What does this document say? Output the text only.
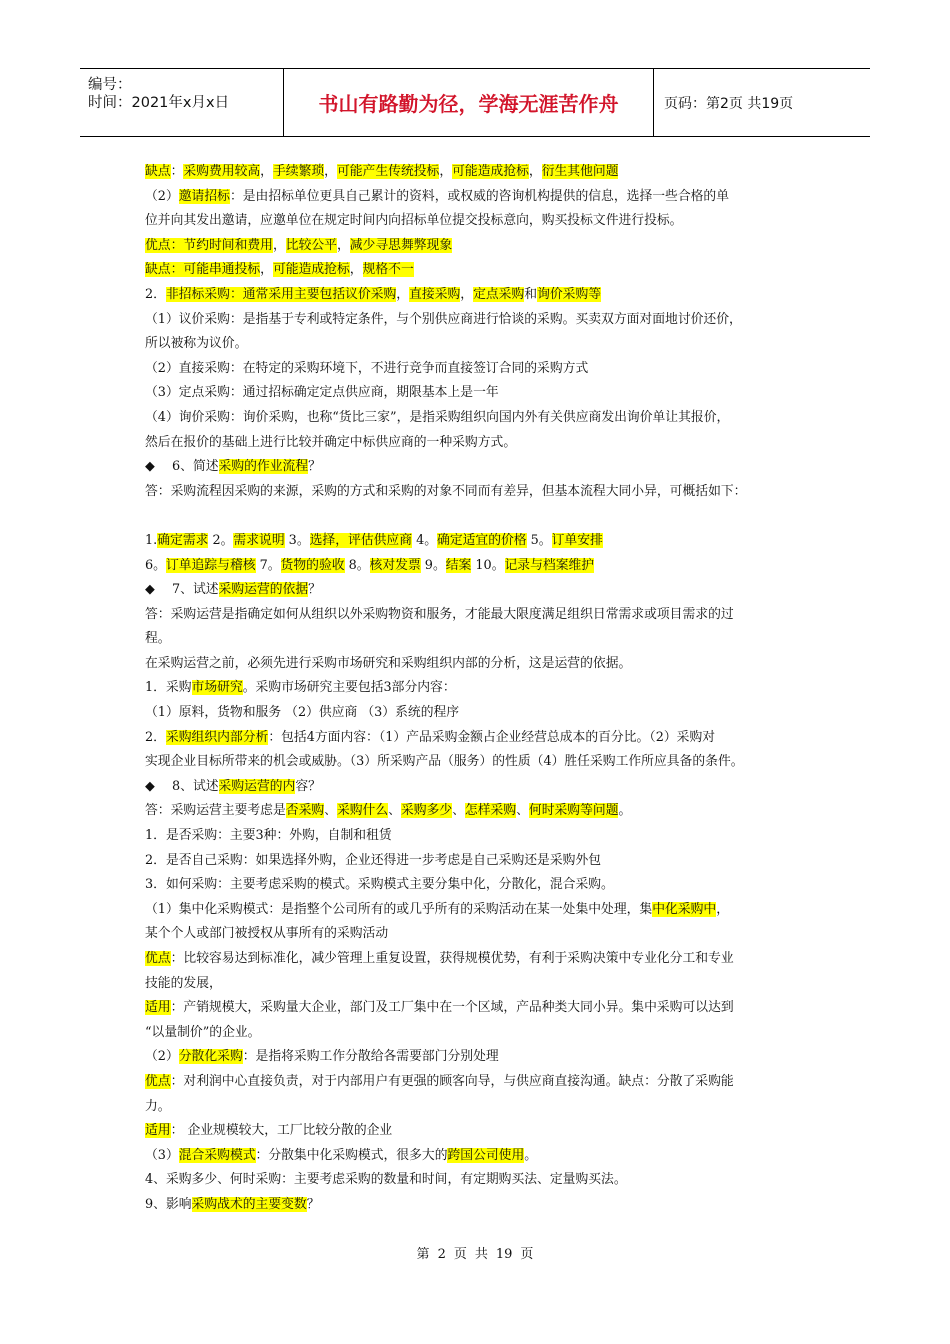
编号：
时间：2021年x月x日	书山有路勤为径，学海无涯苦作舟	页码：第2页 共19页
缺点：采购费用较高，手续繁琐，可能产生传统投标，可能造成抢标，衍生其他问题
（2）邀请招标：是由招标单位更具自己累计的资料，或权威的咨询机构提供的信息，选择一些合格的单
位并向其发出邀请，应邀单位在规定时间内向招标单位提交投标意向，购买投标文件进行投标。
优点：节约时间和费用，比较公平，减少寻思舞弊现象
缺点：可能串通投标，可能造成抢标，规格不一
2．非招标采购：通常采用主要包括议价采购，直接采购，定点采购和询价采购等
（1）议价采购：是指基于专利或特定条件，与个别供应商进行恰谈的采购。买卖双方面对面地讨价还价，
所以被称为议价。
（2）直接采购：在特定的采购环境下，不进行竞争而直接签订合同的采购方式
（3）定点采购：通过招标确定定点供应商，期限基本上是一年
（4）询价采购：询价采购，也称“货比三家”，是指采购组织向国内外有关供应商发出询价单让其报价，
然后在报价的基础上进行比较并确定中标供应商的一种采购方式。
◆ 6、简述采购的作业流程？
答：采购流程因采购的来源，采购的方式和采购的对象不同而有差异，但基本流程大同小异，可概括如下：
1.确定需求 2。需求说明 3。选择，评估供应商 4。确定适宜的价格 5。订单安排
6。订单追踪与稽核 7。货物的验收 8。核对发票 9。结案 10。记录与档案维护
◆ 7、试述采购运营的依据？
答：采购运营是指确定如何从组织以外采购物资和服务，才能最大限度满足组织日常需求或项目需求的过
程。
在采购运营之前，必须先进行采购市场研究和采购组织内部的分析，这是运营的依据。
1．采购市场研究。采购市场研究主要包括3部分内容：
（1）原料，货物和服务 （2）供应商 （3）系统的程序
2．采购组织内部分析：包括4方面内容：（1）产品采购金额占企业经营总成本的百分比。（2）采购对
实现企业目标所带来的机会或威胁。（3）所采购产品（服务）的性质（4）胜任采购工作所应具备的条件。
◆ 8、试述采购运营的内容？
答：采购运营主要考虑是否采购、采购什么、采购多少、怎样采购、何时采购等问题。
1．是否采购：主要3种：外购，自制和租赁
2．是否自己采购：如果选择外购，企业还得进一步考虑是自己采购还是采购外包
3．如何采购：主要考虑采购的模式。采购模式主要分集中化，分散化，混合采购。
（1）集中化采购模式：是指整个公司所有的或几乎所有的采购活动在某一处集中处理，集中化采购中，
某个个人或部门被授权从事所有的采购活动
优点：比较容易达到标准化，减少管理上重复设置，获得规模优势，有利于采购决策中专业化分工和专业
技能的发展，
适用：产销规模大，采购量大企业，部门及工厂集中在一个区域，产品种类大同小异。集中采购可以达到
“以量制价”的企业。
（2）分散化采购：是指将采购工作分散给各需要部门分别处理
优点：对利润中心直接负责，对于内部用户有更强的顾客向导，与供应商直接沟通。缺点：分散了采购能
力。
适用： 企业规模较大，工厂比较分散的企业
（3）混合采购模式：分散集中化采购模式，很多大的跨国公司使用。
4、采购多少、何时采购：主要考虑采购的数量和时间，有定期购买法、定量购买法。
9、影响采购战术的主要变数？
第 2 页 共 19 页
